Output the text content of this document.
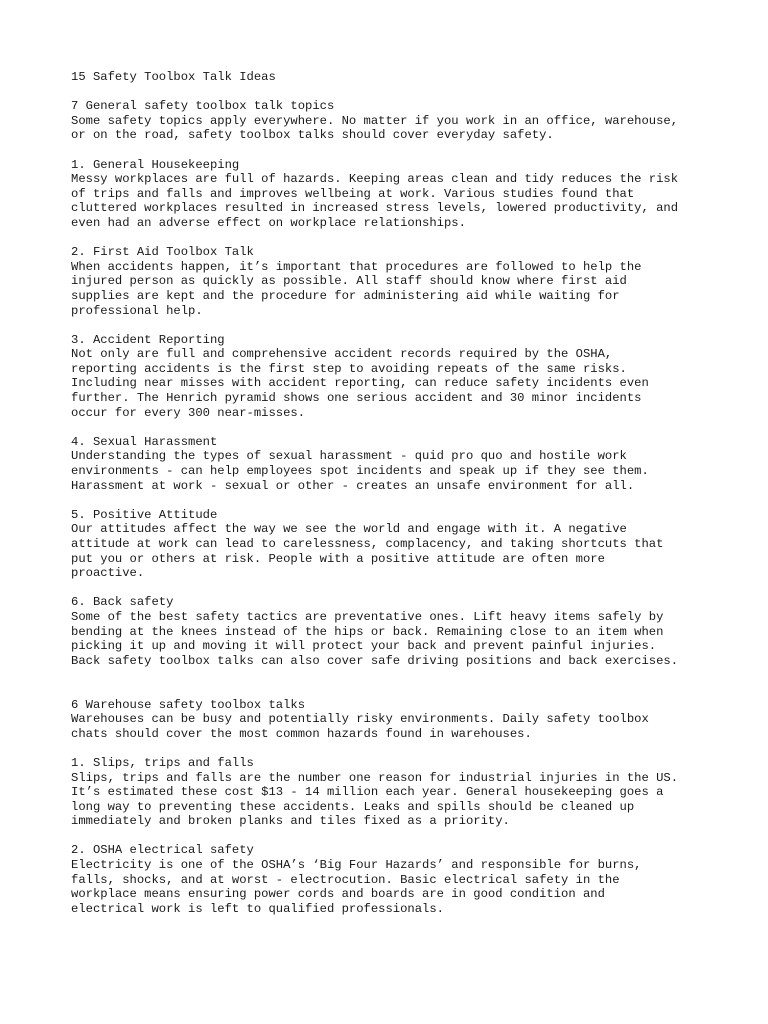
15 Safety Toolbox Talk Ideas
7 General safety toolbox talk topics
Some safety topics apply everywhere. No matter if you work in an office, warehouse,
or on the road, safety toolbox talks should cover everyday safety.
1. General Housekeeping
Messy workplaces are full of hazards. Keeping areas clean and tidy reduces the risk
of trips and falls and improves wellbeing at work. Various studies found that
cluttered workplaces resulted in increased stress levels, lowered productivity, and
even had an adverse effect on workplace relationships.
2. First Aid Toolbox Talk
When accidents happen, it’s important that procedures are followed to help the
injured person as quickly as possible. All staff should know where first aid
supplies are kept and the procedure for administering aid while waiting for
professional help.
3. Accident Reporting
Not only are full and comprehensive accident records required by the OSHA,
reporting accidents is the first step to avoiding repeats of the same risks.
Including near misses with accident reporting, can reduce safety incidents even
further. The Henrich pyramid shows one serious accident and 30 minor incidents
occur for every 300 near-misses.
4. Sexual Harassment
Understanding the types of sexual harassment - quid pro quo and hostile work
environments - can help employees spot incidents and speak up if they see them.
Harassment at work - sexual or other - creates an unsafe environment for all.
5. Positive Attitude
Our attitudes affect the way we see the world and engage with it. A negative
attitude at work can lead to carelessness, complacency, and taking shortcuts that
put you or others at risk. People with a positive attitude are often more
proactive.
6. Back safety
Some of the best safety tactics are preventative ones. Lift heavy items safely by
bending at the knees instead of the hips or back. Remaining close to an item when
picking it up and moving it will protect your back and prevent painful injuries.
Back safety toolbox talks can also cover safe driving positions and back exercises.
6 Warehouse safety toolbox talks
Warehouses can be busy and potentially risky environments. Daily safety toolbox
chats should cover the most common hazards found in warehouses.
1. Slips, trips and falls
Slips, trips and falls are the number one reason for industrial injuries in the US.
It’s estimated these cost $13 - 14 million each year. General housekeeping goes a
long way to preventing these accidents. Leaks and spills should be cleaned up
immediately and broken planks and tiles fixed as a priority.
2. OSHA electrical safety
Electricity is one of the OSHA’s ‘Big Four Hazards’ and responsible for burns,
falls, shocks, and at worst - electrocution. Basic electrical safety in the
workplace means ensuring power cords and boards are in good condition and
electrical work is left to qualified professionals.
